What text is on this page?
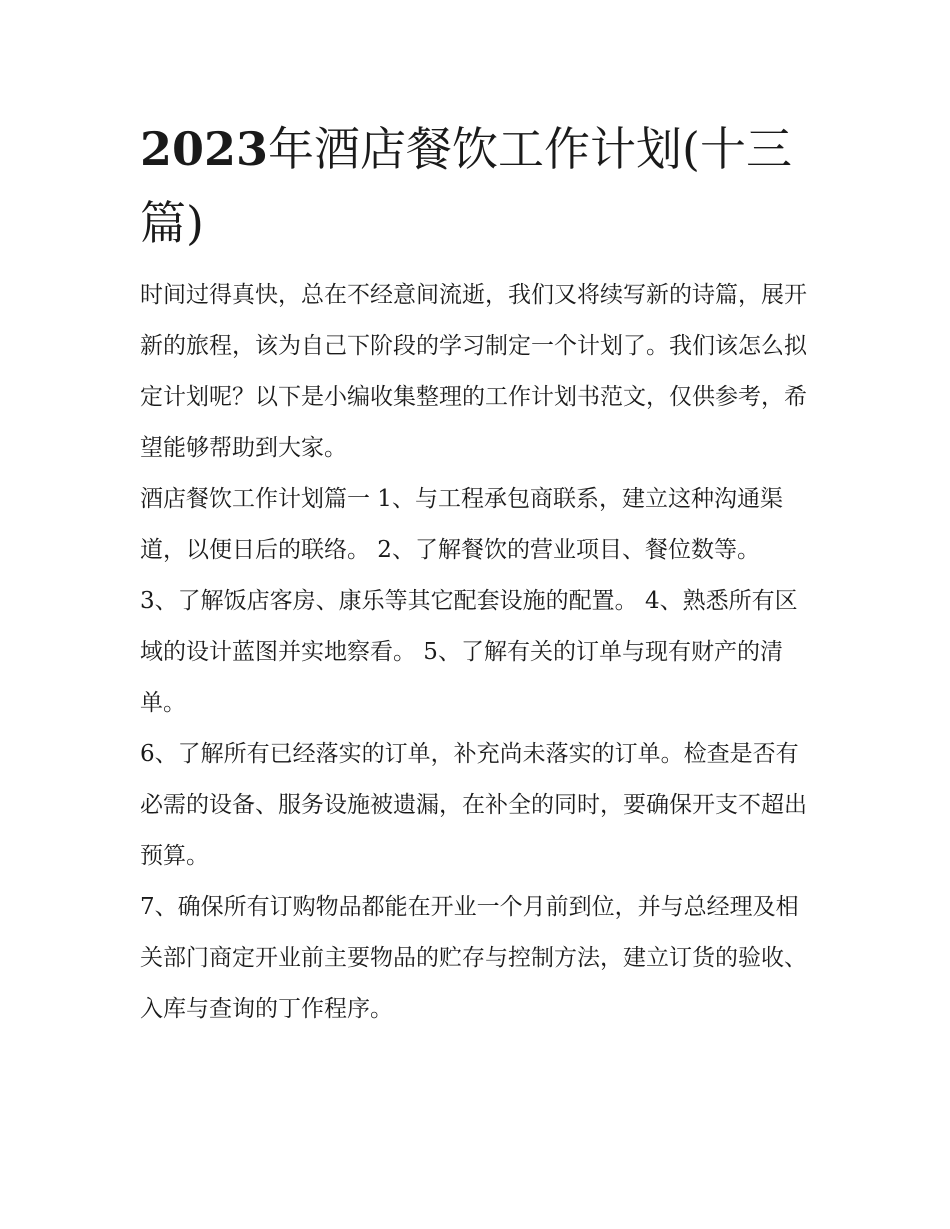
2023年酒店餐饮工作计划(十三篇)

时间过得真快，总在不经意间流逝，我们又将续写新的诗篇，展开新的旅程，该为自己下阶段的学习制定一个计划了。我们该怎么拟定计划呢？以下是小编收集整理的工作计划书范文，仅供参考，希望能够帮助到大家。

酒店餐饮工作计划篇一 1、与工程承包商联系，建立这种沟通渠道，以便日后的联络。 2、了解餐饮的营业项目、餐位数等。

3、了解饭店客房、康乐等其它配套设施的配置。 4、熟悉所有区域的设计蓝图并实地察看。 5、了解有关的订单与现有财产的清单。

6、了解所有已经落实的订单，补充尚未落实的订单。检查是否有必需的设备、服务设施被遗漏，在补全的同时，要确保开支不超出预算。

7、确保所有订购物品都能在开业一个月前到位，并与总经理及相关部门商定开业前主要物品的贮存与控制方法，建立订货的验收、入库与查询的丁作程序。
